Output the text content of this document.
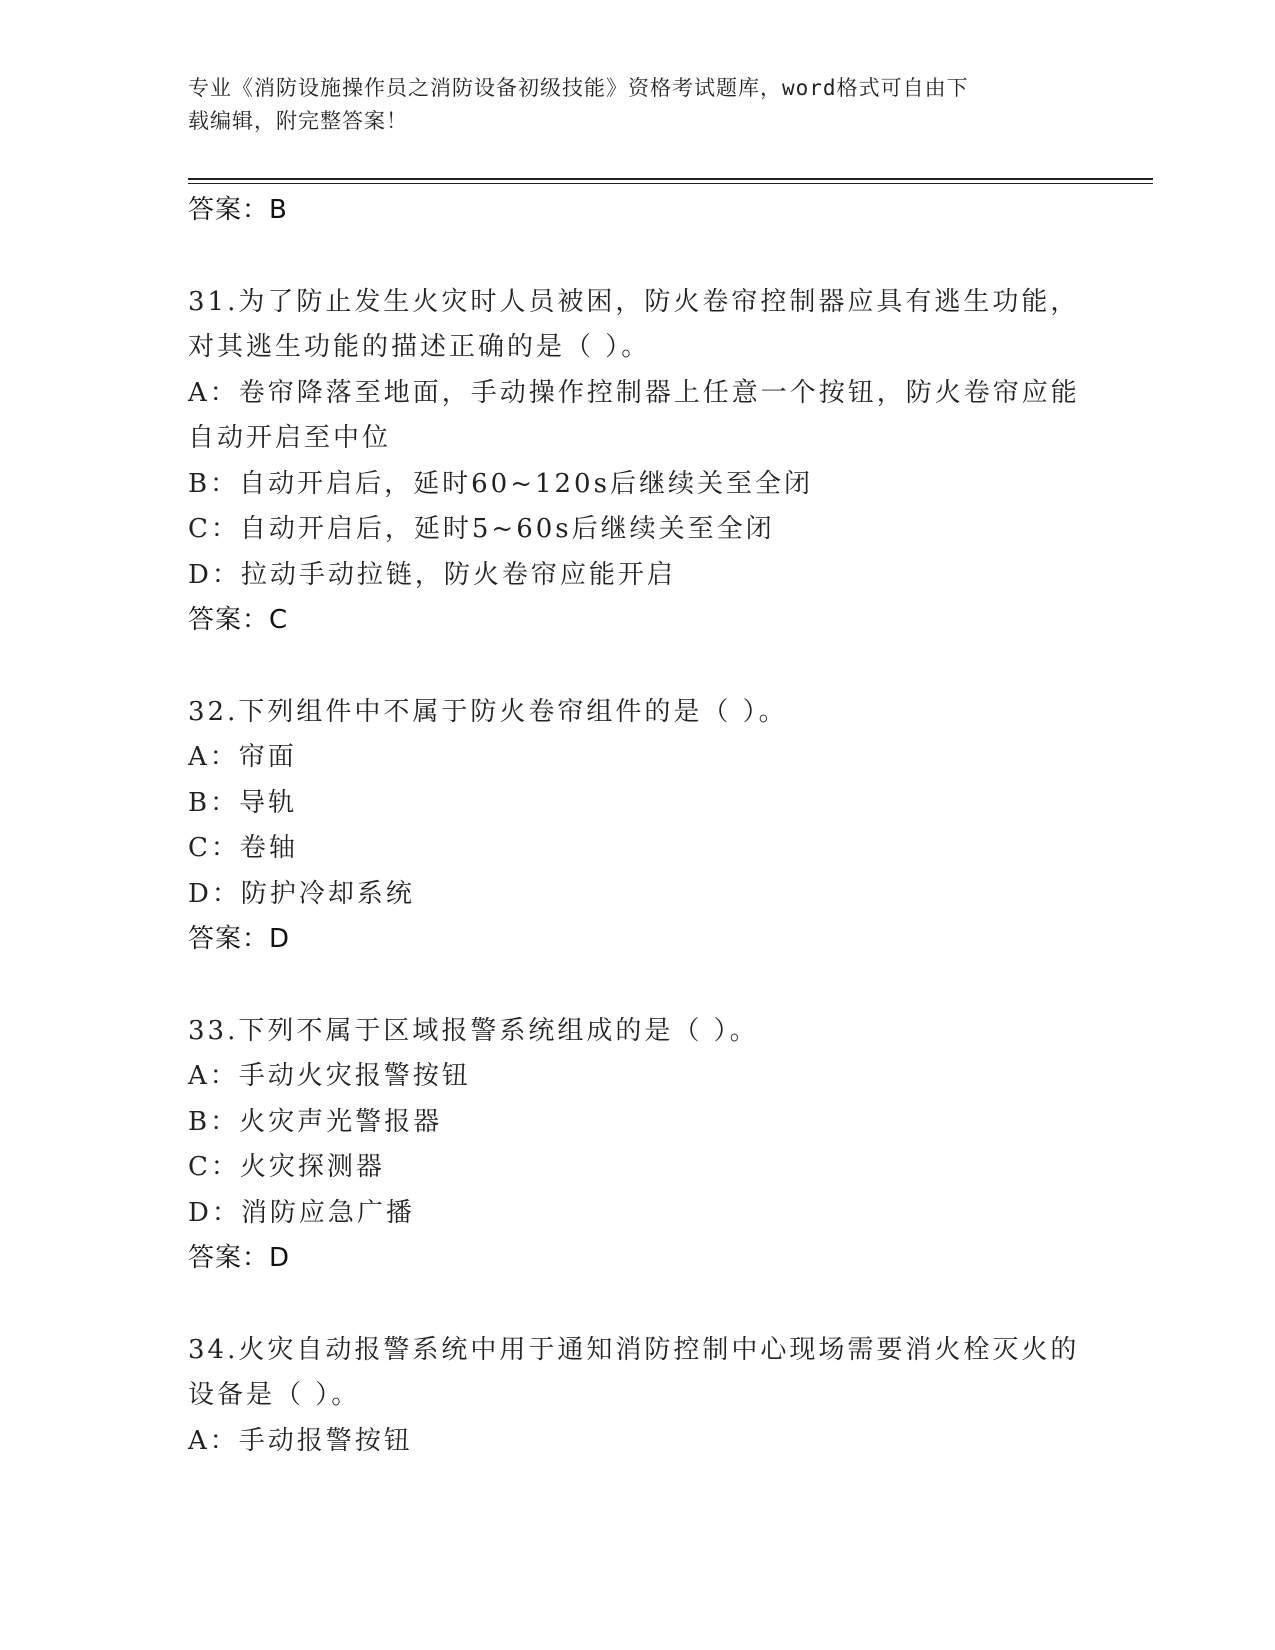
专业《消防设施操作员之消防设备初级技能》资格考试题库，word格式可自由下
载编辑，附完整答案！
答案：B
31.为了防止发生火灾时人员被困，防火卷帘控制器应具有逃生功能，
对其逃生功能的描述正确的是（ ）。
A：卷帘降落至地面，手动操作控制器上任意一个按钮，防火卷帘应能
自动开启至中位
B：自动开启后，延时60~120s后继续关至全闭
C：自动开启后，延时5~60s后继续关至全闭
D：拉动手动拉链，防火卷帘应能开启
答案：C
32.下列组件中不属于防火卷帘组件的是（ ）。
A：帘面
B：导轨
C：卷轴
D：防护冷却系统
答案：D
33.下列不属于区域报警系统组成的是（ ）。
A：手动火灾报警按钮
B：火灾声光警报器
C：火灾探测器
D：消防应急广播
答案：D
34.火灾自动报警系统中用于通知消防控制中心现场需要消火栓灭火的
设备是（ ）。
A：手动报警按钮
